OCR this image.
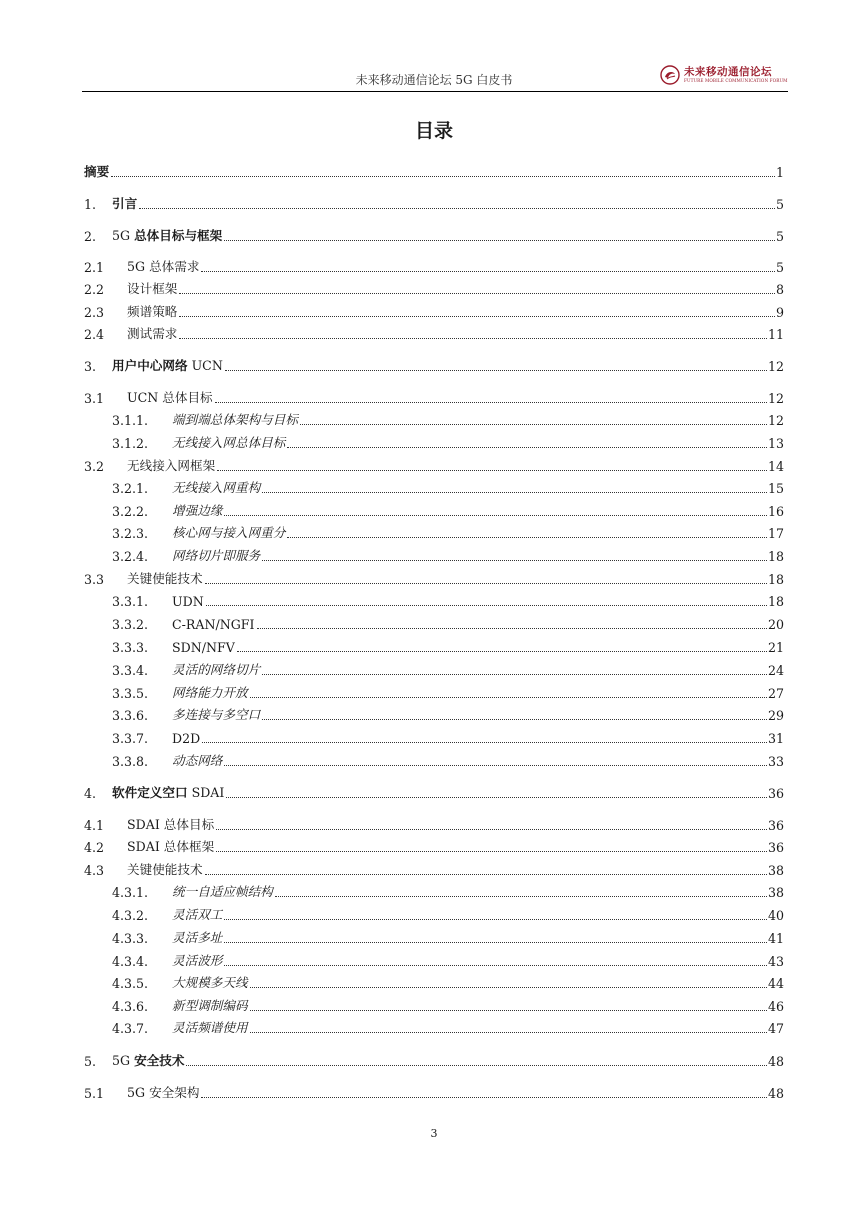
未来移动通信论坛 5G 白皮书
未来移动通信论坛
FUTURE MOBILE COMMUNICATION FORUM
目录
摘要	1
1.	引言	5
2.	5G 总体目标与框架	5
2.1	5G 总体需求	5
2.2	设计框架	8
2.3	频谱策略	9
2.4	测试需求	11
3.	用户中心网络 UCN	12
3.1	UCN 总体目标	12
3.1.1.	端到端总体架构与目标	12
3.1.2.	无线接入网总体目标	13
3.2	无线接入网框架	14
3.2.1.	无线接入网重构	15
3.2.2.	增强边缘	16
3.2.3.	核心网与接入网重分	17
3.2.4.	网络切片即服务	18
3.3	关键使能技术	18
3.3.1.	UDN	18
3.3.2.	C-RAN/NGFI	20
3.3.3.	SDN/NFV	21
3.3.4.	灵活的网络切片	24
3.3.5.	网络能力开放	27
3.3.6.	多连接与多空口	29
3.3.7.	D2D	31
3.3.8.	动态网络	33
4.	软件定义空口 SDAI	36
4.1	SDAI 总体目标	36
4.2	SDAI 总体框架	36
4.3	关键使能技术	38
4.3.1.	统一自适应帧结构	38
4.3.2.	灵活双工	40
4.3.3.	灵活多址	41
4.3.4.	灵活波形	43
4.3.5.	大规模多天线	44
4.3.6.	新型调制编码	46
4.3.7.	灵活频谱使用	47
5.	5G 安全技术	48
5.1	5G 安全架构	48
3
